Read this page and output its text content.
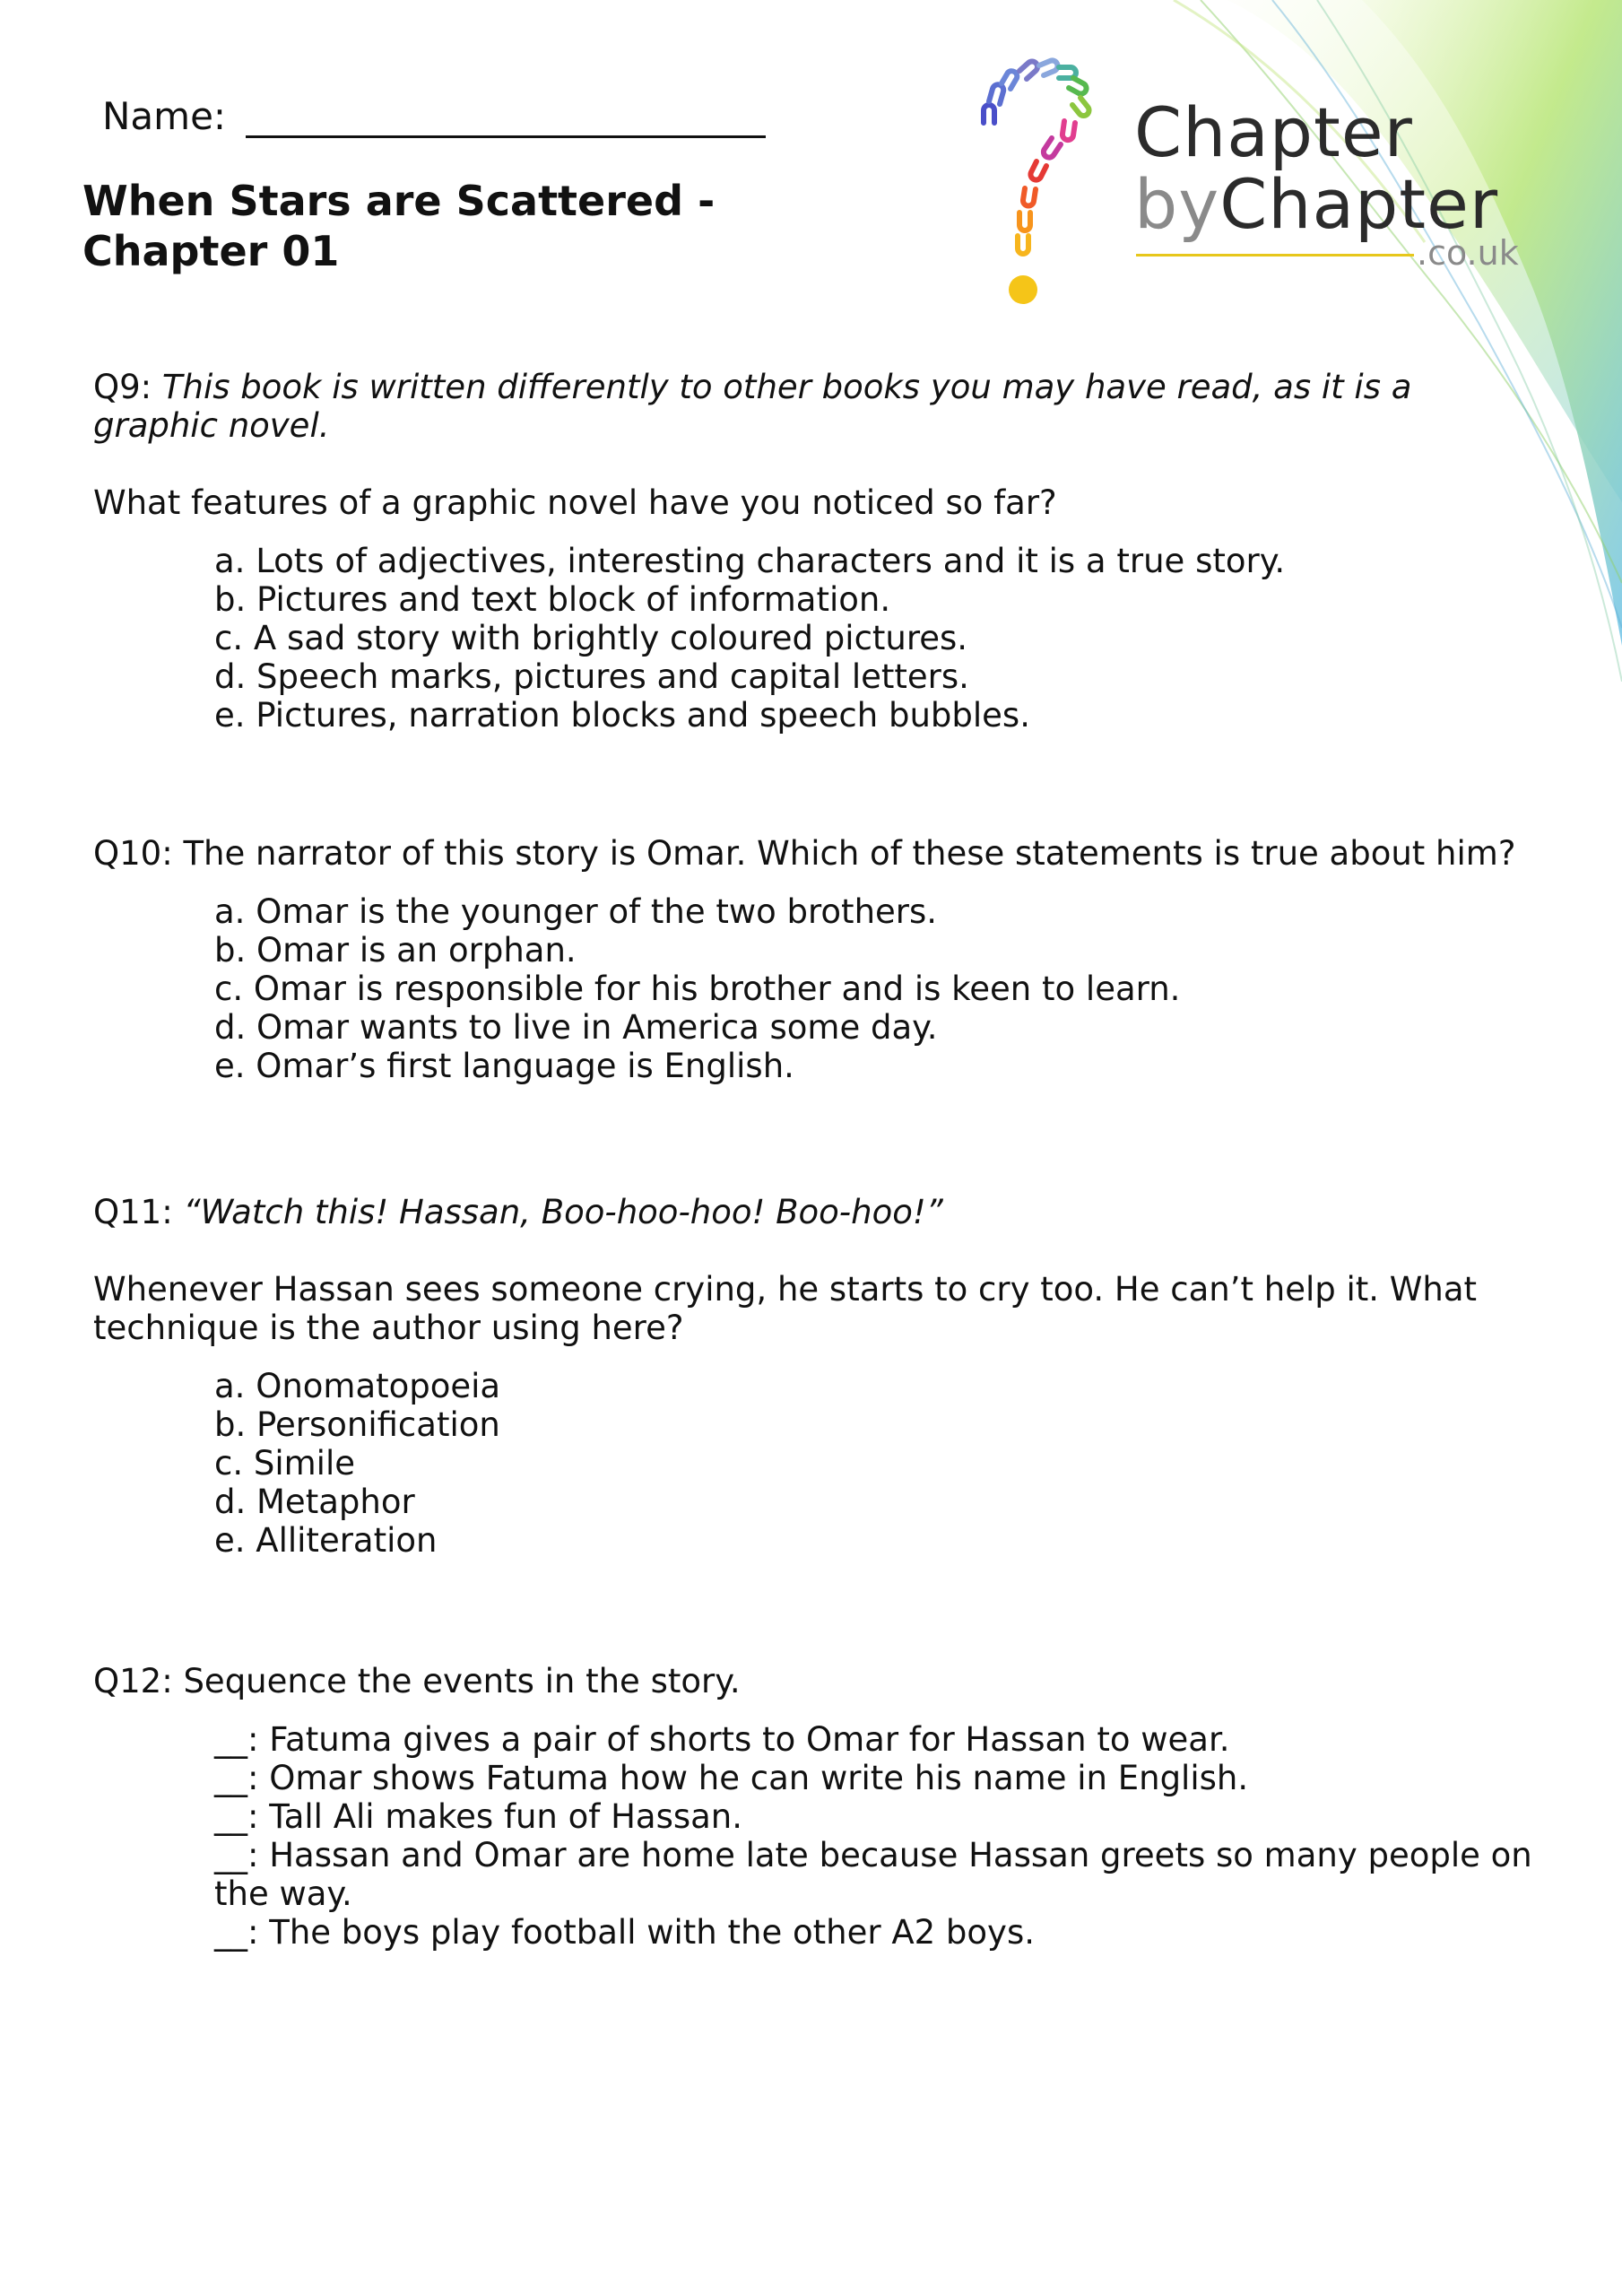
Chapter
byChapter
.co.uk
Name:
When Stars are Scattered -
Chapter 01

Q9: This book is written differently to other books you may have read, as it is a graphic novel.

What features of a graphic novel have you noticed so far?

a. Lots of adjectives, interesting characters and it is a true story.
b. Pictures and text block of information.
c. A sad story with brightly coloured pictures.
d. Speech marks, pictures and capital letters.
e. Pictures, narration blocks and speech bubbles.

Q10: The narrator of this story is Omar. Which of these statements is true about him?

a. Omar is the younger of the two brothers.
b. Omar is an orphan.
c. Omar is responsible for his brother and is keen to learn.
d. Omar wants to live in America some day.
e. Omar’s first language is English.

Q11: “Watch this! Hassan, Boo-hoo-hoo! Boo-hoo!”

Whenever Hassan sees someone crying, he starts to cry too. He can’t help it. What technique is the author using here?

a. Onomatopoeia
b. Personification
c. Simile
d. Metaphor
e. Alliteration

Q12: Sequence the events in the story.

__: Fatuma gives a pair of shorts to Omar for Hassan to wear.
__: Omar shows Fatuma how he can write his name in English.
__: Tall Ali makes fun of Hassan.
__: Hassan and Omar are home late because Hassan greets so many people on the way.
__: The boys play football with the other A2 boys.
